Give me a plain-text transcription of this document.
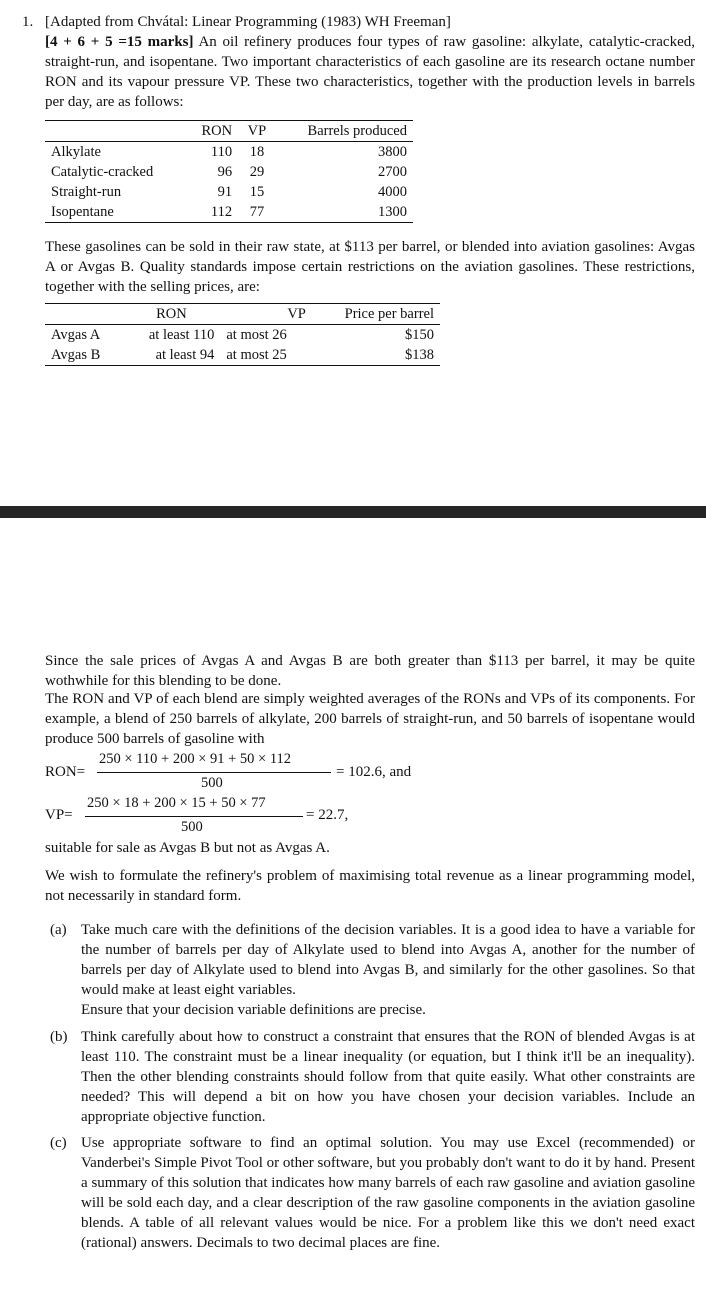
1. [Adapted from Chvátal: Linear Programming (1983) WH Freeman]
[4 + 6 + 5 =15 marks] An oil refinery produces four types of raw gasoline: alkylate, catalytic-cracked, straight-run, and isopentane. Two important characteristics of each gasoline are its research octane number RON and its vapour pressure VP. These two characteristics, together with the production levels in barrels per day, are as follows:
	RON	VP	Barrels produced
Alkylate	110	18	3800
Catalytic-cracked	96	29	2700
Straight-run	91	15	4000
Isopentane	112	77	1300
These gasolines can be sold in their raw state, at $113 per barrel, or blended into aviation gasolines: Avgas A or Avgas B. Quality standards impose certain restrictions on the aviation gasolines. These restrictions, together with the selling prices, are:
	RON	VP	Price per barrel
Avgas A	at least 110	at most 26	$150
Avgas B	at least 94	at most 25	$138
Since the sale prices of Avgas A and Avgas B are both greater than $113 per barrel, it may be quite wothwhile for this blending to be done.
The RON and VP of each blend are simply weighted averages of the RONs and VPs of its components. For example, a blend of 250 barrels of alkylate, 200 barrels of straight-run, and 50 barrels of isopentane would produce 500 barrels of gasoline with
RON=
250 × 110 + 200 × 91 + 50 × 112
500
= 102.6, and
VP=
250 × 18 + 200 × 15 + 50 × 77
500
= 22.7,
suitable for sale as Avgas B but not as Avgas A.
We wish to formulate the refinery's problem of maximising total revenue as a linear programming model, not necessarily in standard form.
(a) Take much care with the definitions of the decision variables. It is a good idea to have a variable for the number of barrels per day of Alkylate used to blend into Avgas A, another for the number of barrels per day of Alkylate used to blend into Avgas B, and similarly for the other gasolines. So that would make at least eight variables.
Ensure that your decision variable definitions are precise.
(b) Think carefully about how to construct a constraint that ensures that the RON of blended Avgas is at least 110. The constraint must be a linear inequality (or equation, but I think it'll be an inequality). Then the other blending constraints should follow from that quite easily. What other constraints are needed? This will depend a bit on how you have chosen your decision variables. Include an appropriate objective function.
(c) Use appropriate software to find an optimal solution. You may use Excel (recommended) or Vanderbei's Simple Pivot Tool or other software, but you probably don't want to do it by hand. Present a summary of this solution that indicates how many barrels of each raw gasoline and aviation gasoline will be sold each day, and a clear description of the raw gasoline components in the aviation gasoline blends. A table of all relevant values would be nice. For a problem like this we don't need exact (rational) answers. Decimals to two decimal places are fine.
